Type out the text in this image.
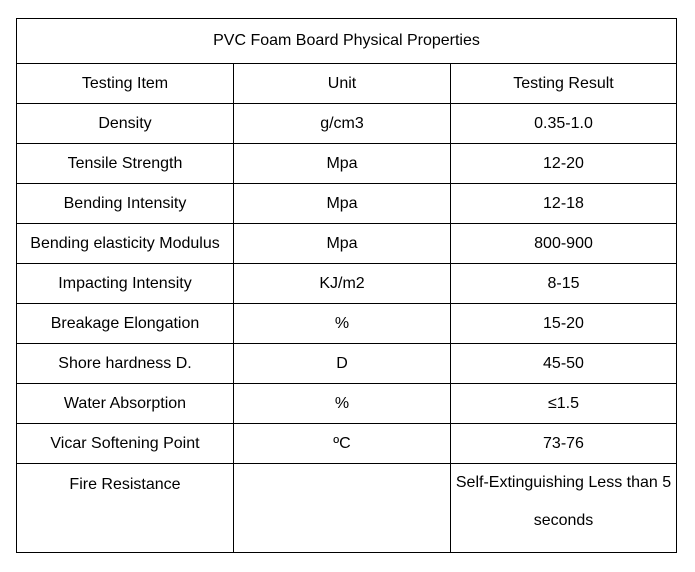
PVC Foam Board Physical Properties		
Testing Item	Unit	Testing Result
Density	g/cm3	0.35-1.0
Tensile Strength	Mpa	12-20
Bending Intensity	Mpa	12-18
Bending elasticity Modulus	Mpa	800-900
Impacting Intensity	KJ/m2	8-15
Breakage Elongation	%	15-20
Shore hardness D.	D	45-50
Water Absorption	%	≤1.5
Vicar Softening Point	ºC	73-76
Fire Resistance		Self-Extinguishing Less than 5 seconds
